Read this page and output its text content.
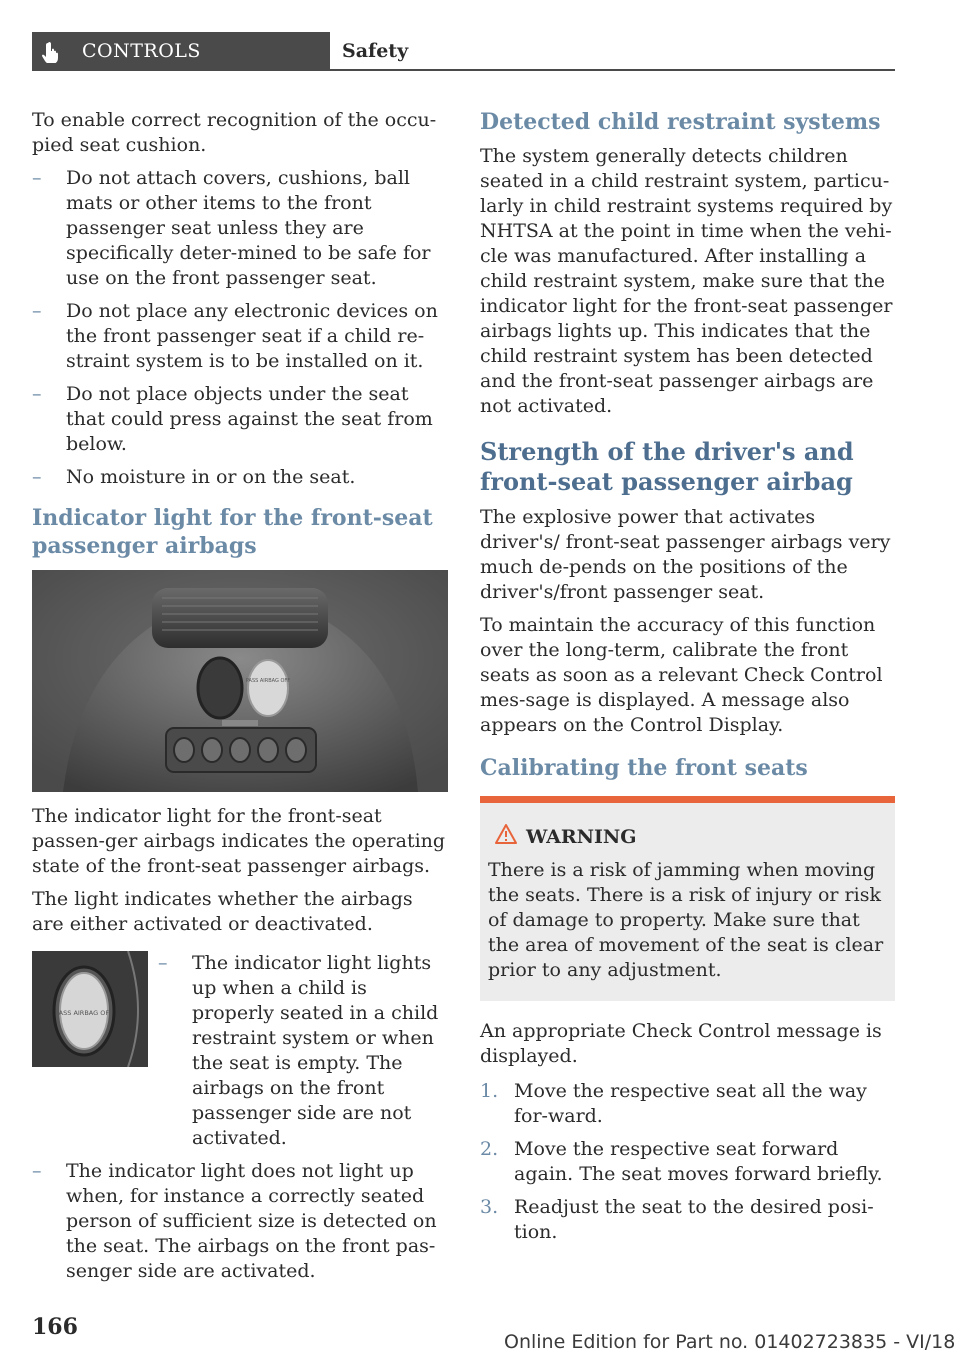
CONTROLS	Safety

To enable correct recognition of the occu-pied seat cushion.

– Do not attach covers, cushions, ball mats or other items to the front passenger seat unless they are specifically deter-mined to be safe for use on the front passenger seat.
– Do not place any electronic devices on the front passenger seat if a child re-straint system is to be installed on it.
– Do not place objects under the seat that could press against the seat from below.
– No moisture in or on the seat.
Indicator light for the front-seat passenger airbags
PASS AIRBAG OFF

The indicator light for the front-seat passen-ger airbags indicates the operating state of the front-seat passenger airbags.

The light indicates whether the airbags are either activated or deactivated.

PASS AIRBAG OFF
– The indicator light lights up when a child is properly seated in a child restraint system or when the seat is empty. The airbags on the front passenger side are not activated.
– The indicator light does not light up when, for instance a correctly seated person of sufficient size is detected on the seat. The airbags on the front pas-senger side are activated.
Detected child restraint systems

The system generally detects children seated in a child restraint system, particu-larly in child restraint systems required by NHTSA at the point in time when the vehi-cle was manufactured. After installing a child restraint system, make sure that the indicator light for the front-seat passenger airbags lights up. This indicates that the child restraint system has been detected and the front-seat passenger airbags are not activated.

Strength of the driver's and front-seat passenger airbag

The explosive power that activates driver's/ front-seat passenger airbags very much de-pends on the positions of the driver's/front passenger seat.

To maintain the accuracy of this function over the long-term, calibrate the front seats as soon as a relevant Check Control mes-sage is displayed. A message also appears on the Control Display.

Calibrating the front seats
WARNING
There is a risk of jamming when moving the seats. There is a risk of injury or risk of damage to property. Make sure that the area of movement of the seat is clear prior to any adjustment.

An appropriate Check Control message is displayed.

1. Move the respective seat all the way for-ward.
2. Move the respective seat forward again. The seat moves forward briefly.
3. Readjust the seat to the desired posi-tion.
166
Online Edition for Part no. 01402723835 - VI/18
